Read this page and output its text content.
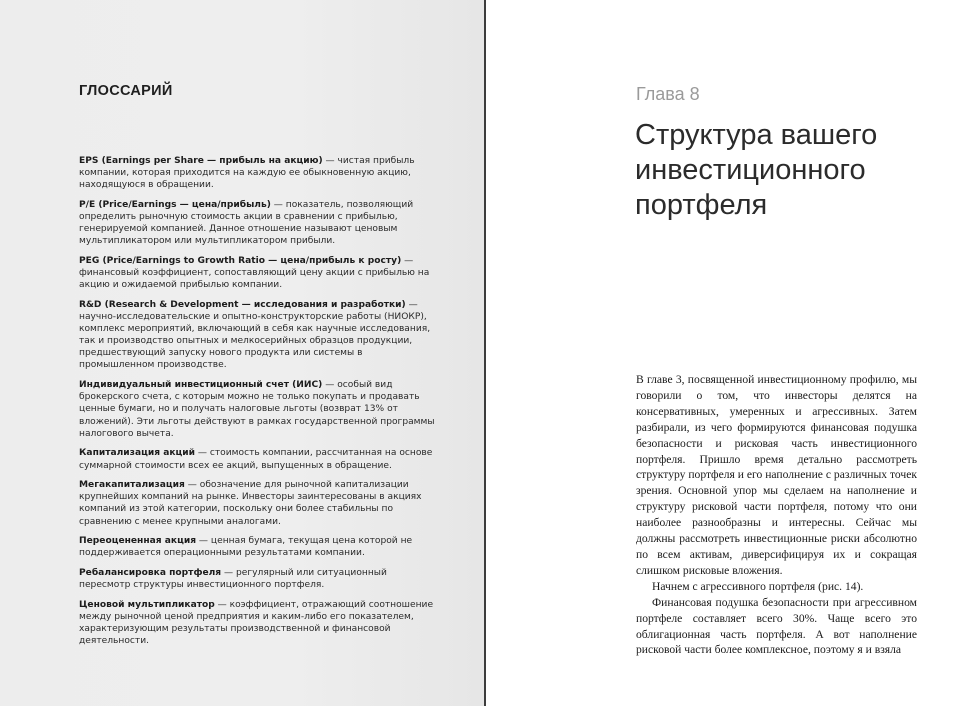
ГЛОССАРИЙ
EPS (Earnings per Share — прибыль на акцию) — чистая прибыль компании, которая приходится на каждую ее обыкновенную акцию, находящуюся в обращении.
P/E (Price/Earnings — цена/прибыль) — показатель, позволяющий определить рыночную стоимость акции в сравнении с прибылью, генерируемой компанией. Данное отношение называют ценовым мультипликатором или мультипликатором прибыли.
PEG (Price/Earnings to Growth Ratio — цена/прибыль к росту) — финансовый коэффициент, сопоставляющий цену акции с прибылью на акцию и ожидаемой прибылью компании.
R&D (Research & Development — исследования и разработки) — научно-исследовательские и опытно-конструкторские работы (НИОКР), комплекс мероприятий, включающий в себя как научные исследования, так и производство опытных и мелкосерийных образцов продукции, предшествующий запуску нового продукта или системы в промышленном производстве.
Индивидуальный инвестиционный счет (ИИС) — особый вид брокерского счета, с которым можно не только покупать и продавать ценные бумаги, но и получать налоговые льготы (возврат 13% от вложений). Эти льготы действуют в рамках государственной программы налогового вычета.
Капитализация акций — стоимость компании, рассчитанная на основе суммарной стоимости всех ее акций, выпущенных в обращение.
Мегакапитализация — обозначение для рыночной капитализации крупнейших компаний на рынке. Инвесторы заинтересованы в акциях компаний из этой категории, поскольку они более стабильны по сравнению с менее крупными аналогами.
Переоцененная акция — ценная бумага, текущая цена которой не поддерживается операционными результатами компании.
Ребалансировка портфеля — регулярный или ситуационный пересмотр структуры инвестиционного портфеля.
Ценовой мультипликатор — коэффициент, отражающий соотношение между рыночной ценой предприятия и каким-либо его показателем, характеризующим результаты производственной и финансовой деятельности.
Глава 8
Структура вашего инвестиционного портфеля

В главе 3, посвященной инвестиционному профилю, мы говорили о том, что инвесторы делятся на консервативных, умеренных и агрессивных. Затем разбирали, из чего формируются финансовая подушка безопасности и рисковая часть инвестиционного портфеля. Пришло время детально рассмотреть структуру портфеля и его наполнение с различных точек зрения. Основной упор мы сделаем на наполнение и структуру рисковой части портфеля, потому что они наиболее разнообразны и интересны. Сейчас мы должны рассмотреть инвестиционные риски абсолютно по всем активам, диверсифицируя их и сокращая слишком рисковые вложения.

Начнем с агрессивного портфеля (рис. 14).

Финансовая подушка безопасности при агрессивном портфеле составляет всего 30%. Чаще всего это облигационная часть портфеля. А вот наполнение рисковой части более комплексное, поэтому я и взяла
